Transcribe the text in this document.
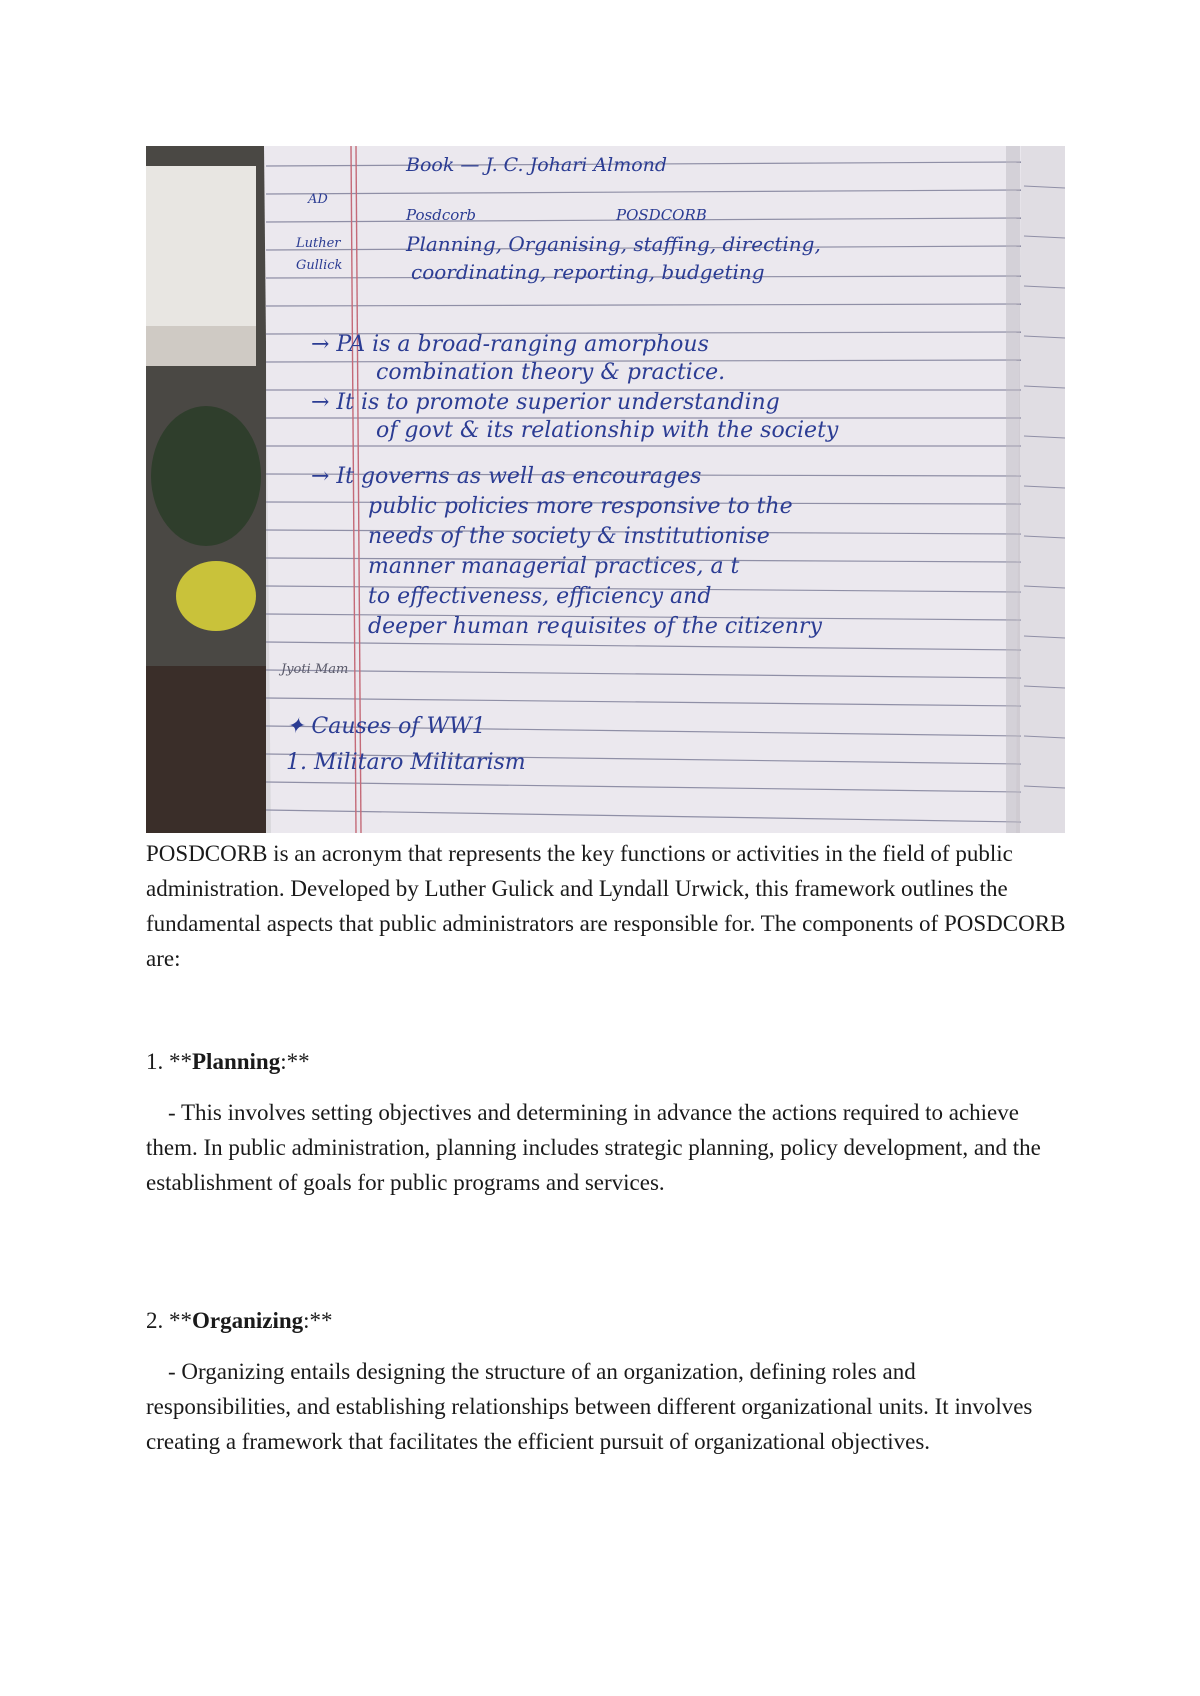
Book — J. C. Johari Almond
AD
Posdcorb	POSDCORB
Luther
Gullick
Planning, Organising, staffing, directing,
coordinating, reporting, budgeting
→ PA is a broad-ranging amorphous
combination theory & practice.
→ It is to promote superior understanding
of govt & its relationship with the society
→ It governs as well as encourages
public policies more responsive to the
needs of the society & institutionise
manner managerial practices, a t
to effectiveness, efficiency and
deeper human requisites of the citizenry
Jyoti Mam
✦ Causes of WW1
1. Militaro Militarism

POSDCORB is an acronym that represents the key functions or activities in the field of public administration. Developed by Luther Gulick and Lyndall Urwick, this framework outlines the fundamental aspects that public administrators are responsible for. The components of POSDCORB are:

1. **Planning:**

- This involves setting objectives and determining in advance the actions required to achieve them. In public administration, planning includes strategic planning, policy development, and the establishment of goals for public programs and services.

2. **Organizing:**

- Organizing entails designing the structure of an organization, defining roles and responsibilities, and establishing relationships between different organizational units. It involves creating a framework that facilitates the efficient pursuit of organizational objectives.
